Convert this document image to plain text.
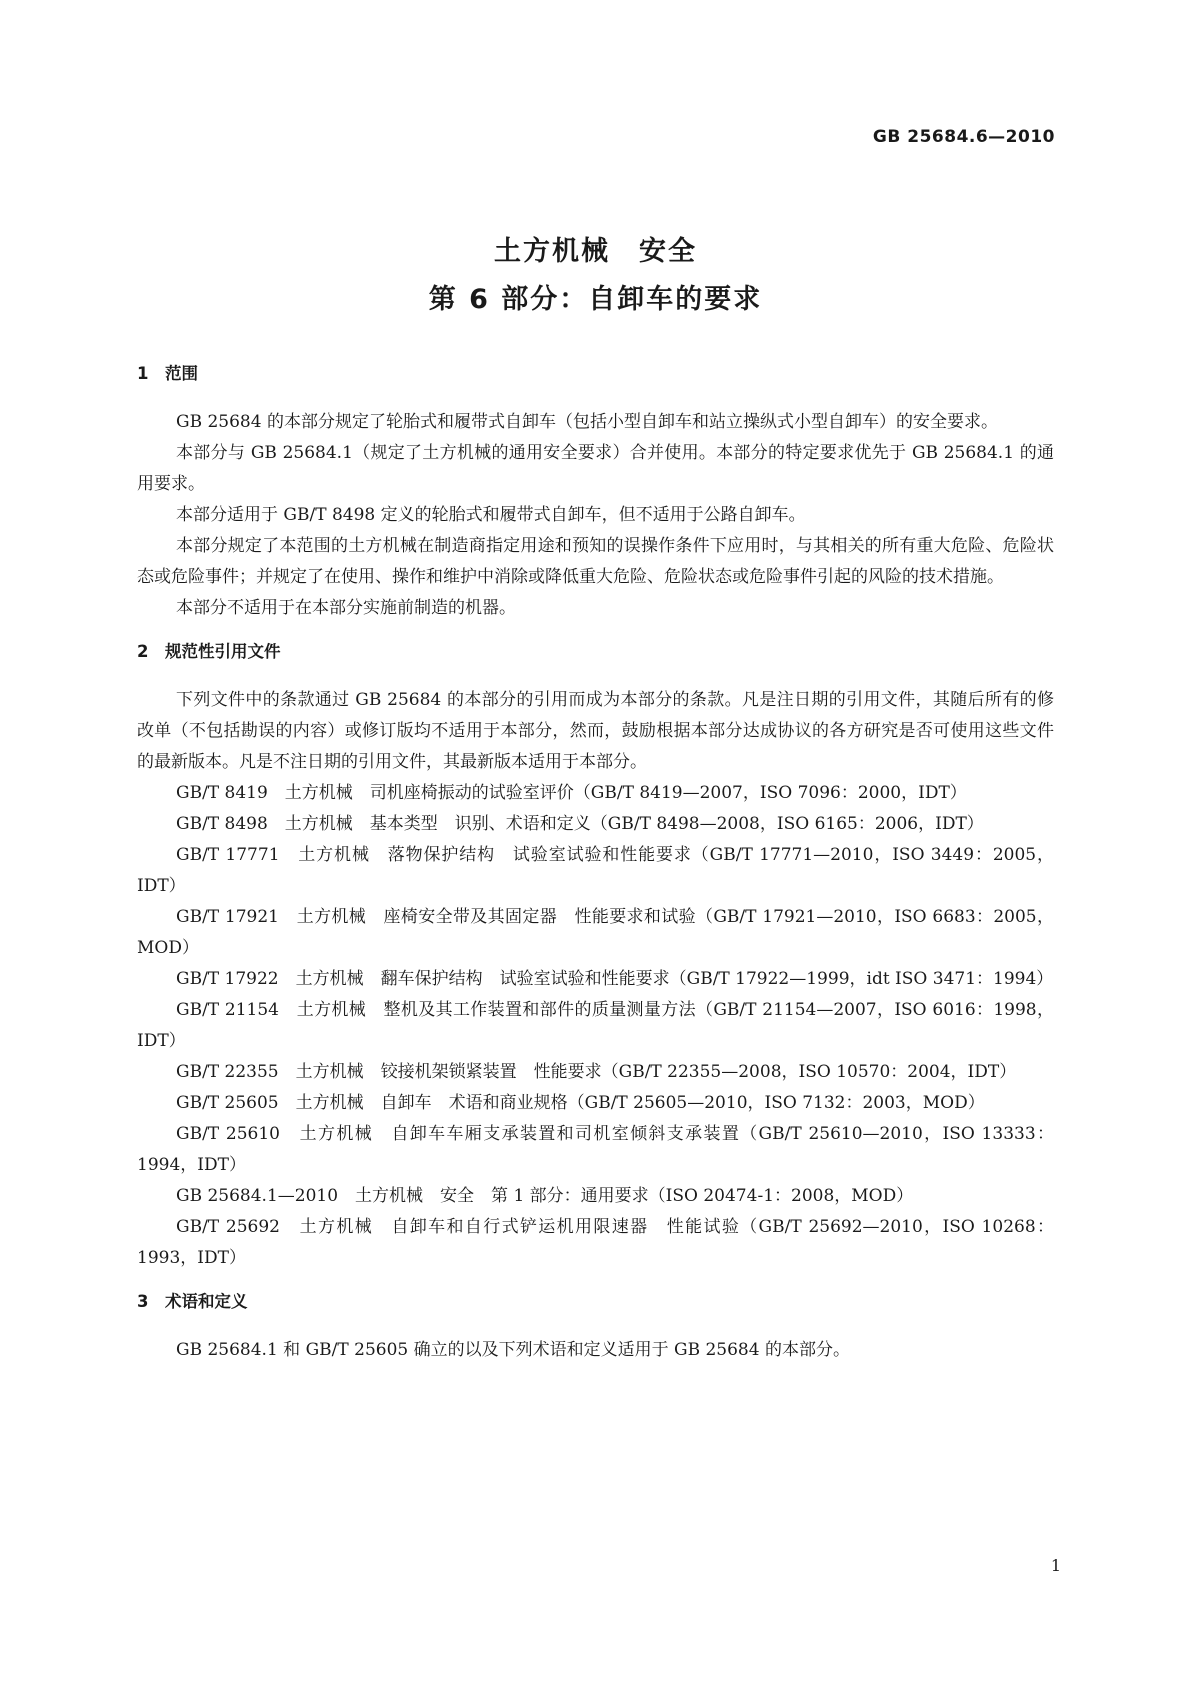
GB 25684.6—2010
土方机械　安全
第 6 部分：自卸车的要求
1　范围

GB 25684 的本部分规定了轮胎式和履带式自卸车（包括小型自卸车和站立操纵式小型自卸车）的安全要求。

本部分与 GB 25684.1（规定了土方机械的通用安全要求）合并使用。本部分的特定要求优先于 GB 25684.1 的通用要求。

本部分适用于 GB/T 8498 定义的轮胎式和履带式自卸车，但不适用于公路自卸车。

本部分规定了本范围的土方机械在制造商指定用途和预知的误操作条件下应用时，与其相关的所有重大危险、危险状态或危险事件；并规定了在使用、操作和维护中消除或降低重大危险、危险状态或危险事件引起的风险的技术措施。

本部分不适用于在本部分实施前制造的机器。

2　规范性引用文件

下列文件中的条款通过 GB 25684 的本部分的引用而成为本部分的条款。凡是注日期的引用文件，其随后所有的修改单（不包括勘误的内容）或修订版均不适用于本部分，然而，鼓励根据本部分达成协议的各方研究是否可使用这些文件的最新版本。凡是不注日期的引用文件，其最新版本适用于本部分。

GB/T 8419　土方机械　司机座椅振动的试验室评价（GB/T 8419—2007，ISO 7096：2000，IDT）

GB/T 8498　土方机械　基本类型　识别、术语和定义（GB/T 8498—2008，ISO 6165：2006，IDT）

GB/T 17771　土方机械　落物保护结构　试验室试验和性能要求（GB/T 17771—2010，ISO 3449：2005，IDT）

GB/T 17921　土方机械　座椅安全带及其固定器　性能要求和试验（GB/T 17921—2010，ISO 6683：2005，MOD）

GB/T 17922　土方机械　翻车保护结构　试验室试验和性能要求（GB/T 17922—1999，idt ISO 3471：1994）

GB/T 21154　土方机械　整机及其工作装置和部件的质量测量方法（GB/T 21154—2007，ISO 6016：1998，IDT）

GB/T 22355　土方机械　铰接机架锁紧装置　性能要求（GB/T 22355—2008，ISO 10570：2004，IDT）

GB/T 25605　土方机械　自卸车　术语和商业规格（GB/T 25605—2010，ISO 7132：2003，MOD）

GB/T 25610　土方机械　自卸车车厢支承装置和司机室倾斜支承装置（GB/T 25610—2010，ISO 13333：1994，IDT）

GB 25684.1—2010　土方机械　安全　第 1 部分：通用要求（ISO 20474-1：2008，MOD）

GB/T 25692　土方机械　自卸车和自行式铲运机用限速器　性能试验（GB/T 25692—2010，ISO 10268：1993，IDT）

3　术语和定义

GB 25684.1 和 GB/T 25605 确立的以及下列术语和定义适用于 GB 25684 的本部分。

1
